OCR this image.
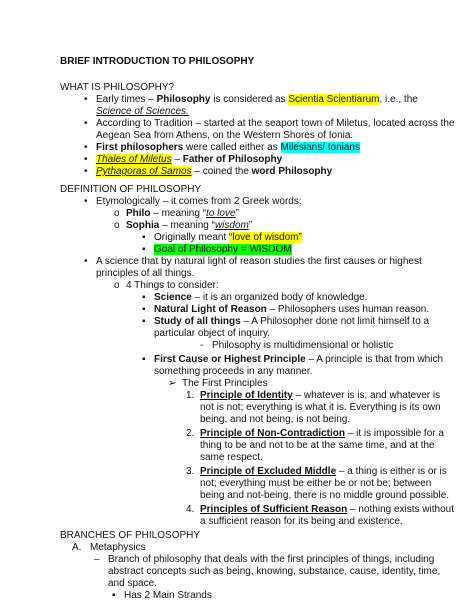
BRIEF INTRODUCTION TO PHILOSOPHY
WHAT IS PHILOSOPHY?
• Early times – Philosophy is considered as Scientia Scientiarum, i.e., the
Science of Sciences.
• According to Tradition – started at the seaport town of Miletus, located across the
Aegean Sea from Athens, on the Western Shores of Ionia.
• First philosophers were called either as Milesians/ Ionians
• Thales of Miletus – Father of Philosophy
• Pythagoras of Samos – coined the word Philosophy
DEFINITION OF PHILOSOPHY
• Etymologically – it comes from 2 Greek words:
o Philo – meaning “to love”
o Sophia – meaning “wisdom”
▪ Originally meant “love of wisdom”
▪ Goal of Philosophy = WISDOM
• A science that by natural light of reason studies the first causes or highest
principles of all things.
o 4 Things to consider:
▪ Science – it is an organized body of knowledge.
▪ Natural Light of Reason – Philosophers uses human reason.
▪ Study of all things – A Philosopher done not limit himself to a
particular object of inquiry.
- Philosophy is multidimensional or holistic
▪ First Cause or Highest Principle – A principle is that from which
something proceeds in any manner.
➢ The First Principles
1. Principle of Identity – whatever is is; and whatever is
not is not; everything is what it is. Everything is its own
being, and not being, is not being.
2. Principle of Non-Contradiction – it is impossible for a
thing to be and not to be at the same time, and at the
same respect.
3. Principle of Excluded Middle – a thing is either is or is
not; everything must be either be or not be; between
being and not-being, there is no middle ground possible.
4. Principles of Sufficient Reason – nothing exists without
a sufficient reason for its being and existence.
BRANCHES OF PHILOSOPHY
A. Metaphysics
– Branch of philosophy that deals with the first principles of things, including
abstract concepts such as being, knowing, substance, cause, identity, time,
and space.
▪ Has 2 Main Strands
